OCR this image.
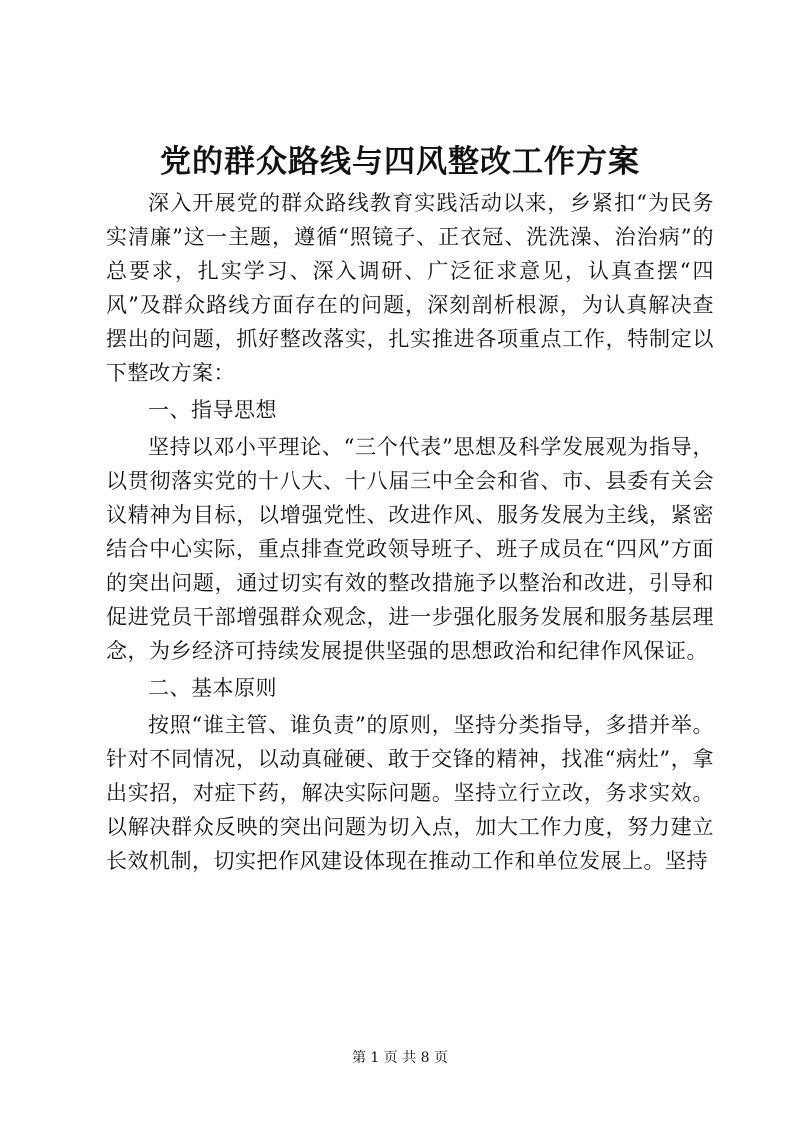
党的群众路线与四风整改工作方案

深入开展党的群众路线教育实践活动以来，乡紧扣“为民务实清廉”这一主题，遵循“照镜子、正衣冠、洗洗澡、治治病”的总要求，扎实学习、深入调研、广泛征求意见，认真查摆“四风”及群众路线方面存在的问题，深刻剖析根源，为认真解决查摆出的问题，抓好整改落实，扎实推进各项重点工作，特制定以下整改方案：

一、指导思想

坚持以邓小平理论、“三个代表”思想及科学发展观为指导，以贯彻落实党的十八大、十八届三中全会和省、市、县委有关会议精神为目标，以增强党性、改进作风、服务发展为主线，紧密结合中心实际，重点排查党政领导班子、班子成员在“四风”方面的突出问题，通过切实有效的整改措施予以整治和改进，引导和促进党员干部增强群众观念，进一步强化服务发展和服务基层理念，为乡经济可持续发展提供坚强的思想政治和纪律作风保证。

二、基本原则

按照“谁主管、谁负责”的原则，坚持分类指导，多措并举。针对不同情况，以动真碰硬、敢于交锋的精神，找准“病灶”，拿出实招，对症下药，解决实际问题。坚持立行立改，务求实效。以解决群众反映的突出问题为切入点，加大工作力度，努力建立长效机制，切实把作风建设体现在推动工作和单位发展上。坚持

第 1 页 共 8 页
